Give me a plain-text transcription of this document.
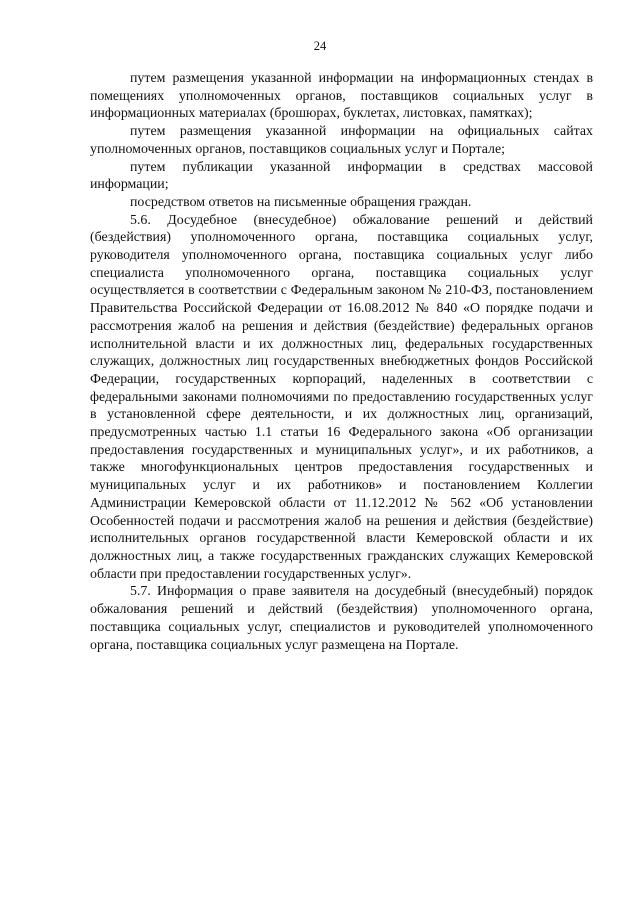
24

путем размещения указанной информации на информационных стендах в помещениях уполномоченных органов, поставщиков социальных услуг в информационных материалах (брошюрах, буклетах, листовках, памятках);

путем размещения указанной информации на официальных сайтах уполномоченных органов, поставщиков социальных услуг и Портале;

путем публикации указанной информации в средствах массовой информации;

посредством ответов на письменные обращения граждан.

5.6. Досудебное (внесудебное) обжалование решений и действий (бездействия) уполномоченного органа, поставщика социальных услуг, руководителя уполномоченного органа, поставщика социальных услуг либо специалиста уполномоченного органа, поставщика социальных услуг осуществляется в соответствии с Федеральным законом № 210-ФЗ, постановлением Правительства Российской Федерации от 16.08.2012 № 840 «О порядке подачи и рассмотрения жалоб на решения и действия (бездействие) федеральных органов исполнительной власти и их должностных лиц, федеральных государственных служащих, должностных лиц государственных внебюджетных фондов Российской Федерации, государственных корпораций, наделенных в соответствии с федеральными законами полномочиями по предоставлению государственных услуг в установленной сфере деятельности, и их должностных лиц, организаций, предусмотренных частью 1.1 статьи 16 Федерального закона «Об организации предоставления государственных и муниципальных услуг», и их работников, а также многофункциональных центров предоставления государственных и муниципальных услуг и их работников» и постановлением Коллегии Администрации Кемеровской области от 11.12.2012 № 562 «Об установлении Особенностей подачи и рассмотрения жалоб на решения и действия (бездействие) исполнительных органов государственной власти Кемеровской области и их должностных лиц, а также государственных гражданских служащих Кемеровской области при предоставлении государственных услуг».

5.7. Информация о праве заявителя на досудебный (внесудебный) порядок обжалования решений и действий (бездействия) уполномоченного органа, поставщика социальных услуг, специалистов и руководителей уполномоченного органа, поставщика социальных услуг размещена на Портале.
